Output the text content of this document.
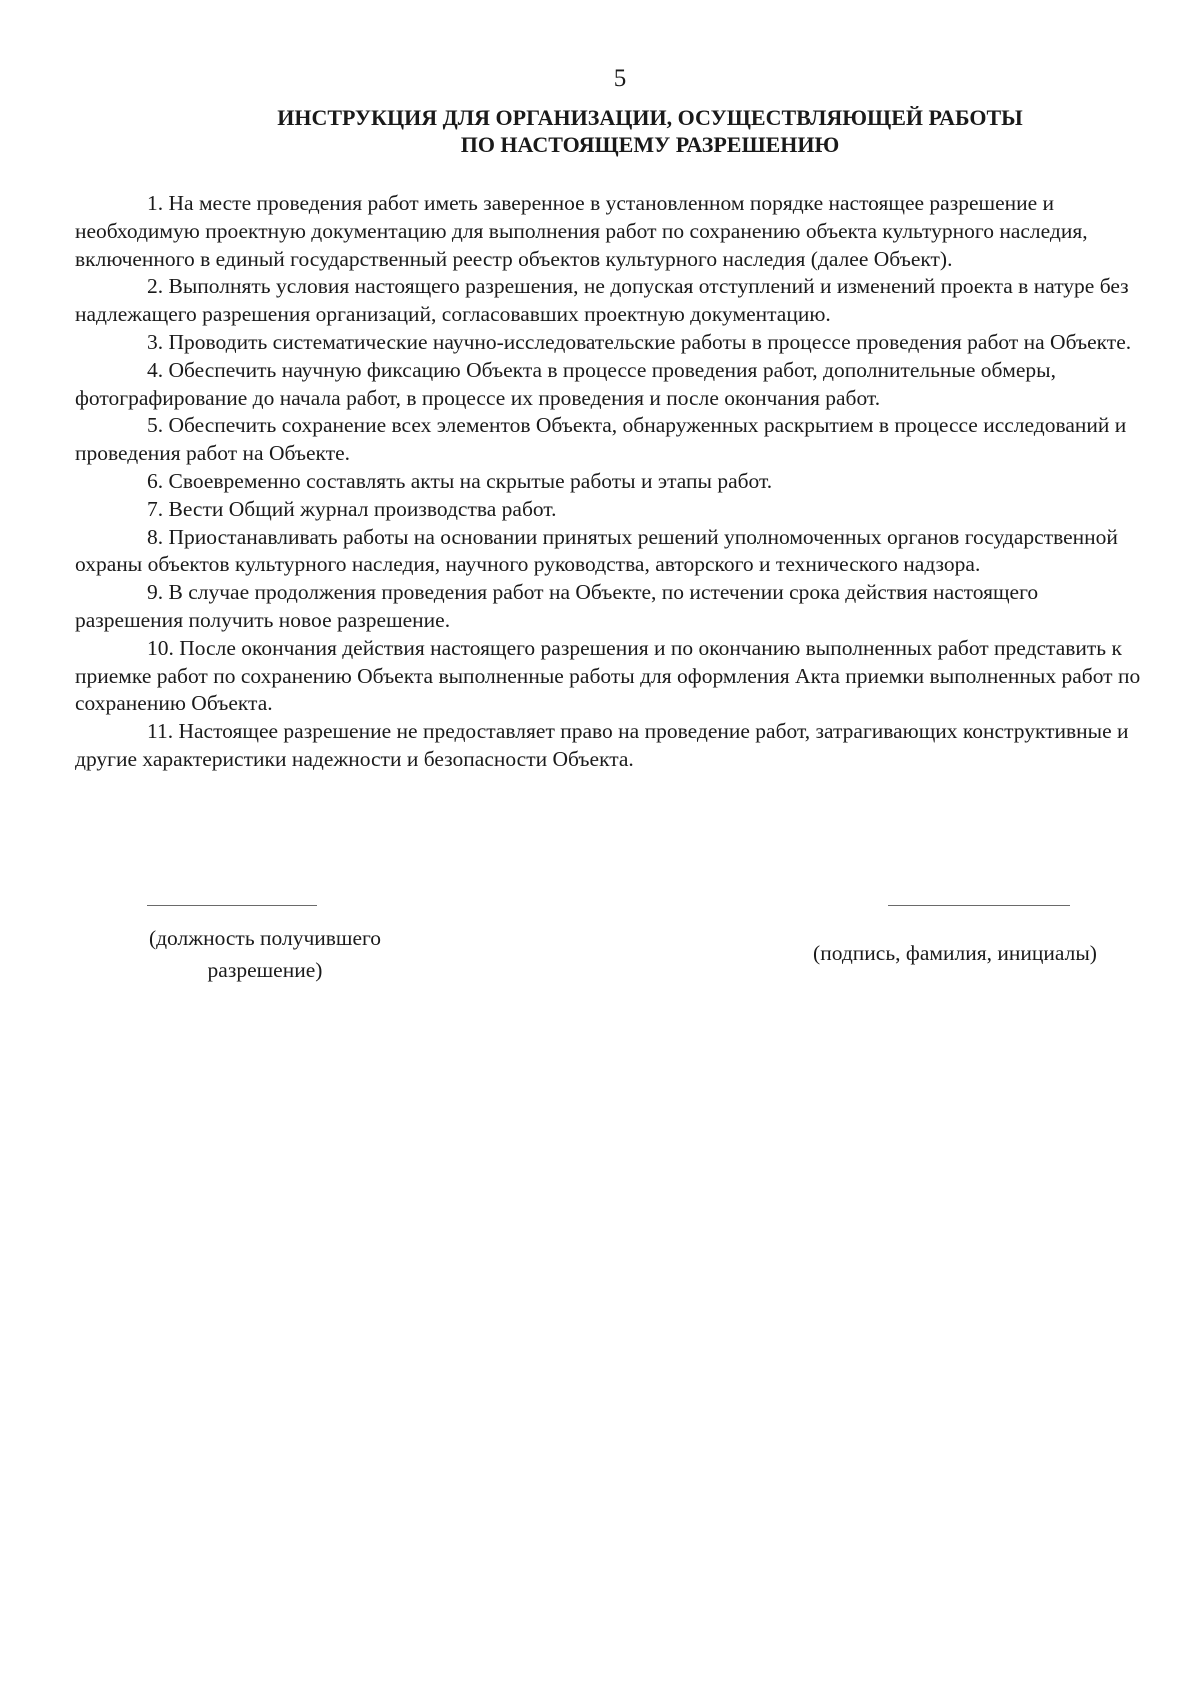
5
ИНСТРУКЦИЯ ДЛЯ ОРГАНИЗАЦИИ, ОСУЩЕСТВЛЯЮЩЕЙ РАБОТЫ
ПО НАСТОЯЩЕМУ РАЗРЕШЕНИЮ

1. На месте проведения работ иметь заверенное в установленном порядке настоящее разрешение и необходимую проектную документацию для выполнения работ по сохранению объекта культурного наследия, включенного в единый государственный реестр объектов культурного наследия (далее Объект).

2. Выполнять условия настоящего разрешения, не допуская отступлений и изменений проекта в натуре без надлежащего разрешения организаций, согласовавших проектную документацию.

3. Проводить систематические научно-исследовательские работы в процессе проведения работ на Объекте.

4. Обеспечить научную фиксацию Объекта в процессе проведения работ, дополнительные обмеры, фотографирование до начала работ, в процессе их проведения и после окончания работ.

5. Обеспечить сохранение всех элементов Объекта, обнаруженных раскрытием в процессе исследований и проведения работ на Объекте.

6. Своевременно составлять акты на скрытые работы и этапы работ.

7. Вести Общий журнал производства работ.

8. Приостанавливать работы на основании принятых решений уполномоченных органов государственной охраны объектов культурного наследия, научного руководства, авторского и технического надзора.

9. В случае продолжения проведения работ на Объекте, по истечении срока действия настоящего разрешения получить новое разрешение.

10. После окончания действия настоящего разрешения и по окончанию выполненных работ представить к приемке работ по сохранению Объекта выполненные работы для оформления Акта приемки выполненных работ по сохранению Объекта.

11. Настоящее разрешение не предоставляет право на проведение работ, затрагивающих конструктивные и другие характеристики надежности и безопасности Объекта.

(должность получившего
разрешение)
(подпись, фамилия, инициалы)
